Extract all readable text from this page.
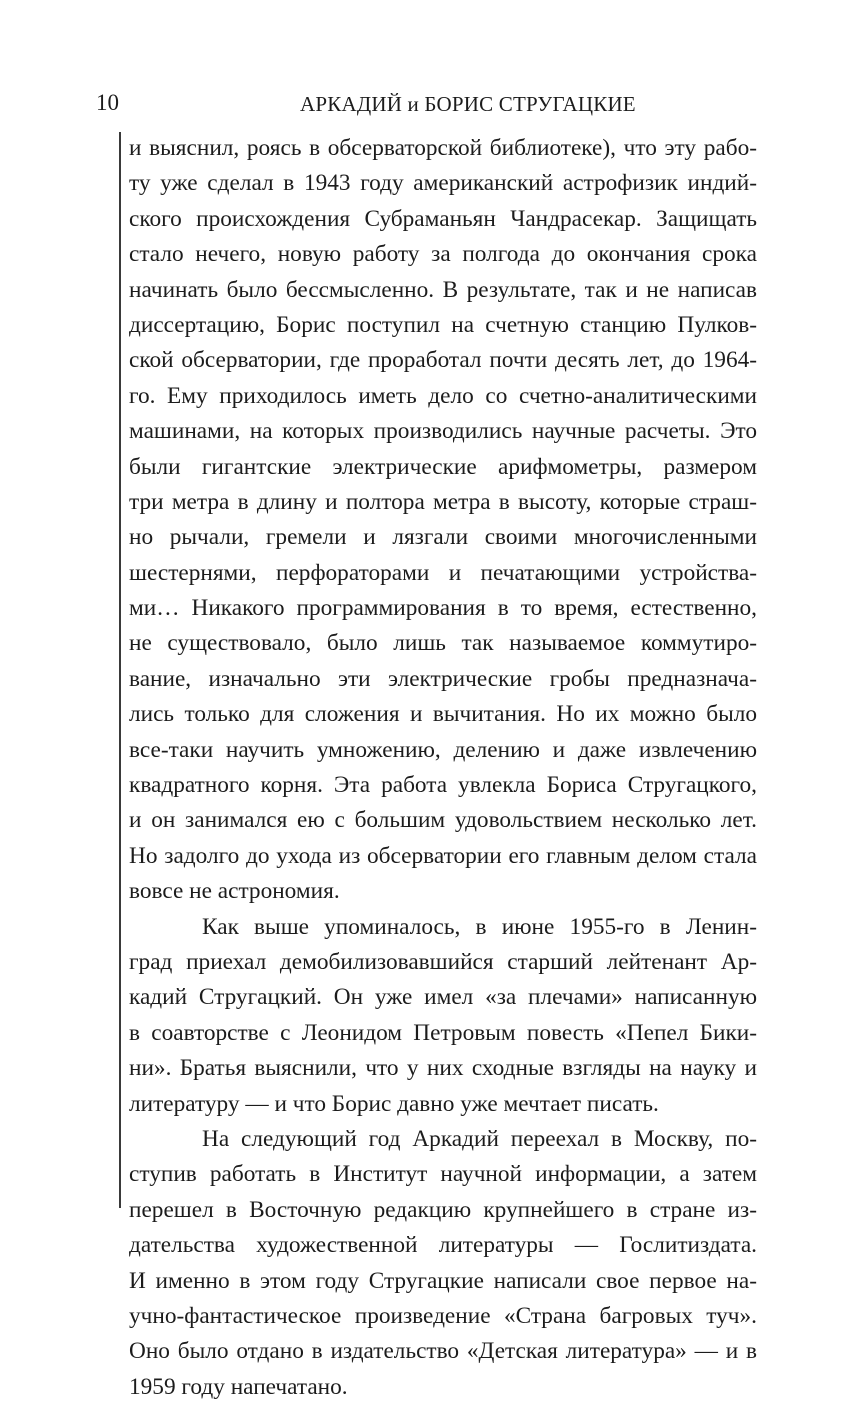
10	АРКАДИЙ и БОРИС СТРУГАЦКИЕ
и выяснил, роясь в обсерваторской библиотеке), что эту рабо-
ту уже сделал в 1943 году американский астрофизик индий-
ского происхождения Субраманьян Чандрасекар. Защищать
стало нечего, новую работу за полгода до окончания срока
начинать было бессмысленно. В результате, так и не написав
диссертацию, Борис поступил на счетную станцию Пулков-
ской обсерватории, где проработал почти десять лет, до 1964-
го. Ему приходилось иметь дело со счетно-аналитическими
машинами, на которых производились научные расчеты. Это
были гигантские электрические арифмометры, размером
три метра в длину и полтора метра в высоту, которые страш-
но рычали, гремели и лязгали своими многочисленными
шестернями, перфораторами и печатающими устройства-
ми… Никакого программирования в то время, естественно,
не существовало, было лишь так называемое коммутиро-
вание, изначально эти электрические гробы предназнача-
лись только для сложения и вычитания. Но их можно было
все-таки научить умножению, делению и даже извлечению
квадратного корня. Эта работа увлекла Бориса Стругацкого,
и он занимался ею с большим удовольствием несколько лет.
Но задолго до ухода из обсерватории его главным делом стала
вовсе не астрономия.
Как выше упоминалось, в июне 1955-го в Ленин-
град приехал демобилизовавшийся старший лейтенант Ар-
кадий Стругацкий. Он уже имел «за плечами» написанную
в соавторстве с Леонидом Петровым повесть «Пепел Бики-
ни». Братья выяснили, что у них сходные взгляды на науку и
литературу — и что Борис давно уже мечтает писать.
На следующий год Аркадий переехал в Москву, по-
ступив работать в Институт научной информации, а затем
перешел в Восточную редакцию крупнейшего в стране из-
дательства художественной литературы — Гослитиздата.
И именно в этом году Стругацкие написали свое первое на-
учно-фантастическое произведение «Страна багровых туч».
Оно было отдано в издательство «Детская литература» — и в
1959 году напечатано.
